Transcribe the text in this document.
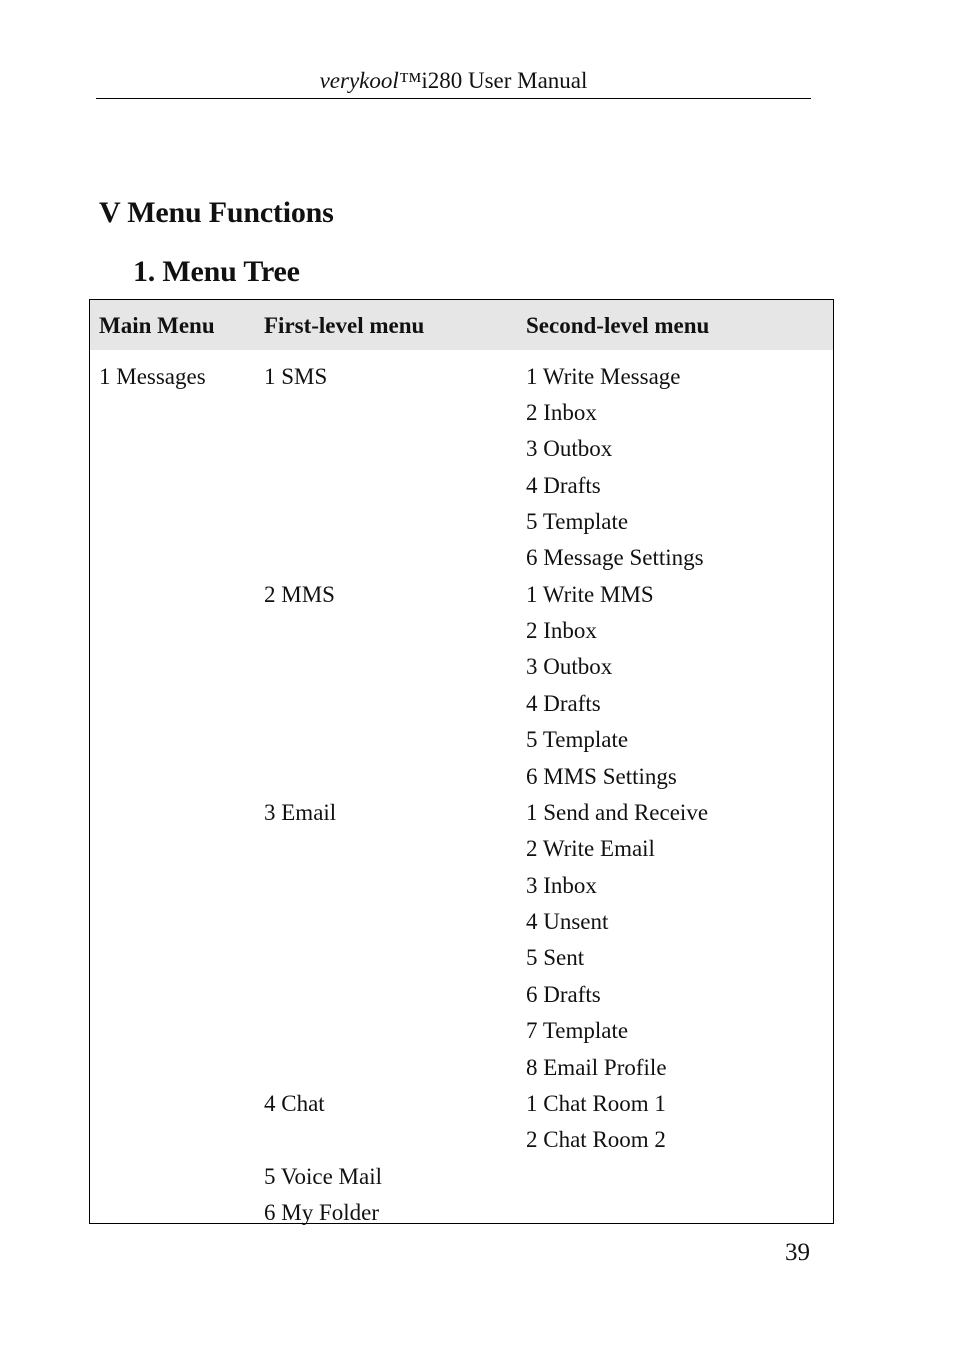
verykool™i280 User Manual
V Menu Functions
1. Menu Tree
Main Menu First-level menu	Second-level menu
1 Messages	1 SMS
2 MMS
3 Email
4 Chat
5 Voice Mail
6 My Folder
1 Write Message
2 Inbox
3 Outbox
4 Drafts
5 Template
6 Message Settings
1 Write MMS
2 Inbox
3 Outbox
4 Drafts
5 Template
6 MMS Settings
1 Send and Receive
2 Write Email
3 Inbox
4 Unsent
5 Sent
6 Drafts
7 Template
8 Email Profile
1 Chat Room 1
2 Chat Room 2
39
